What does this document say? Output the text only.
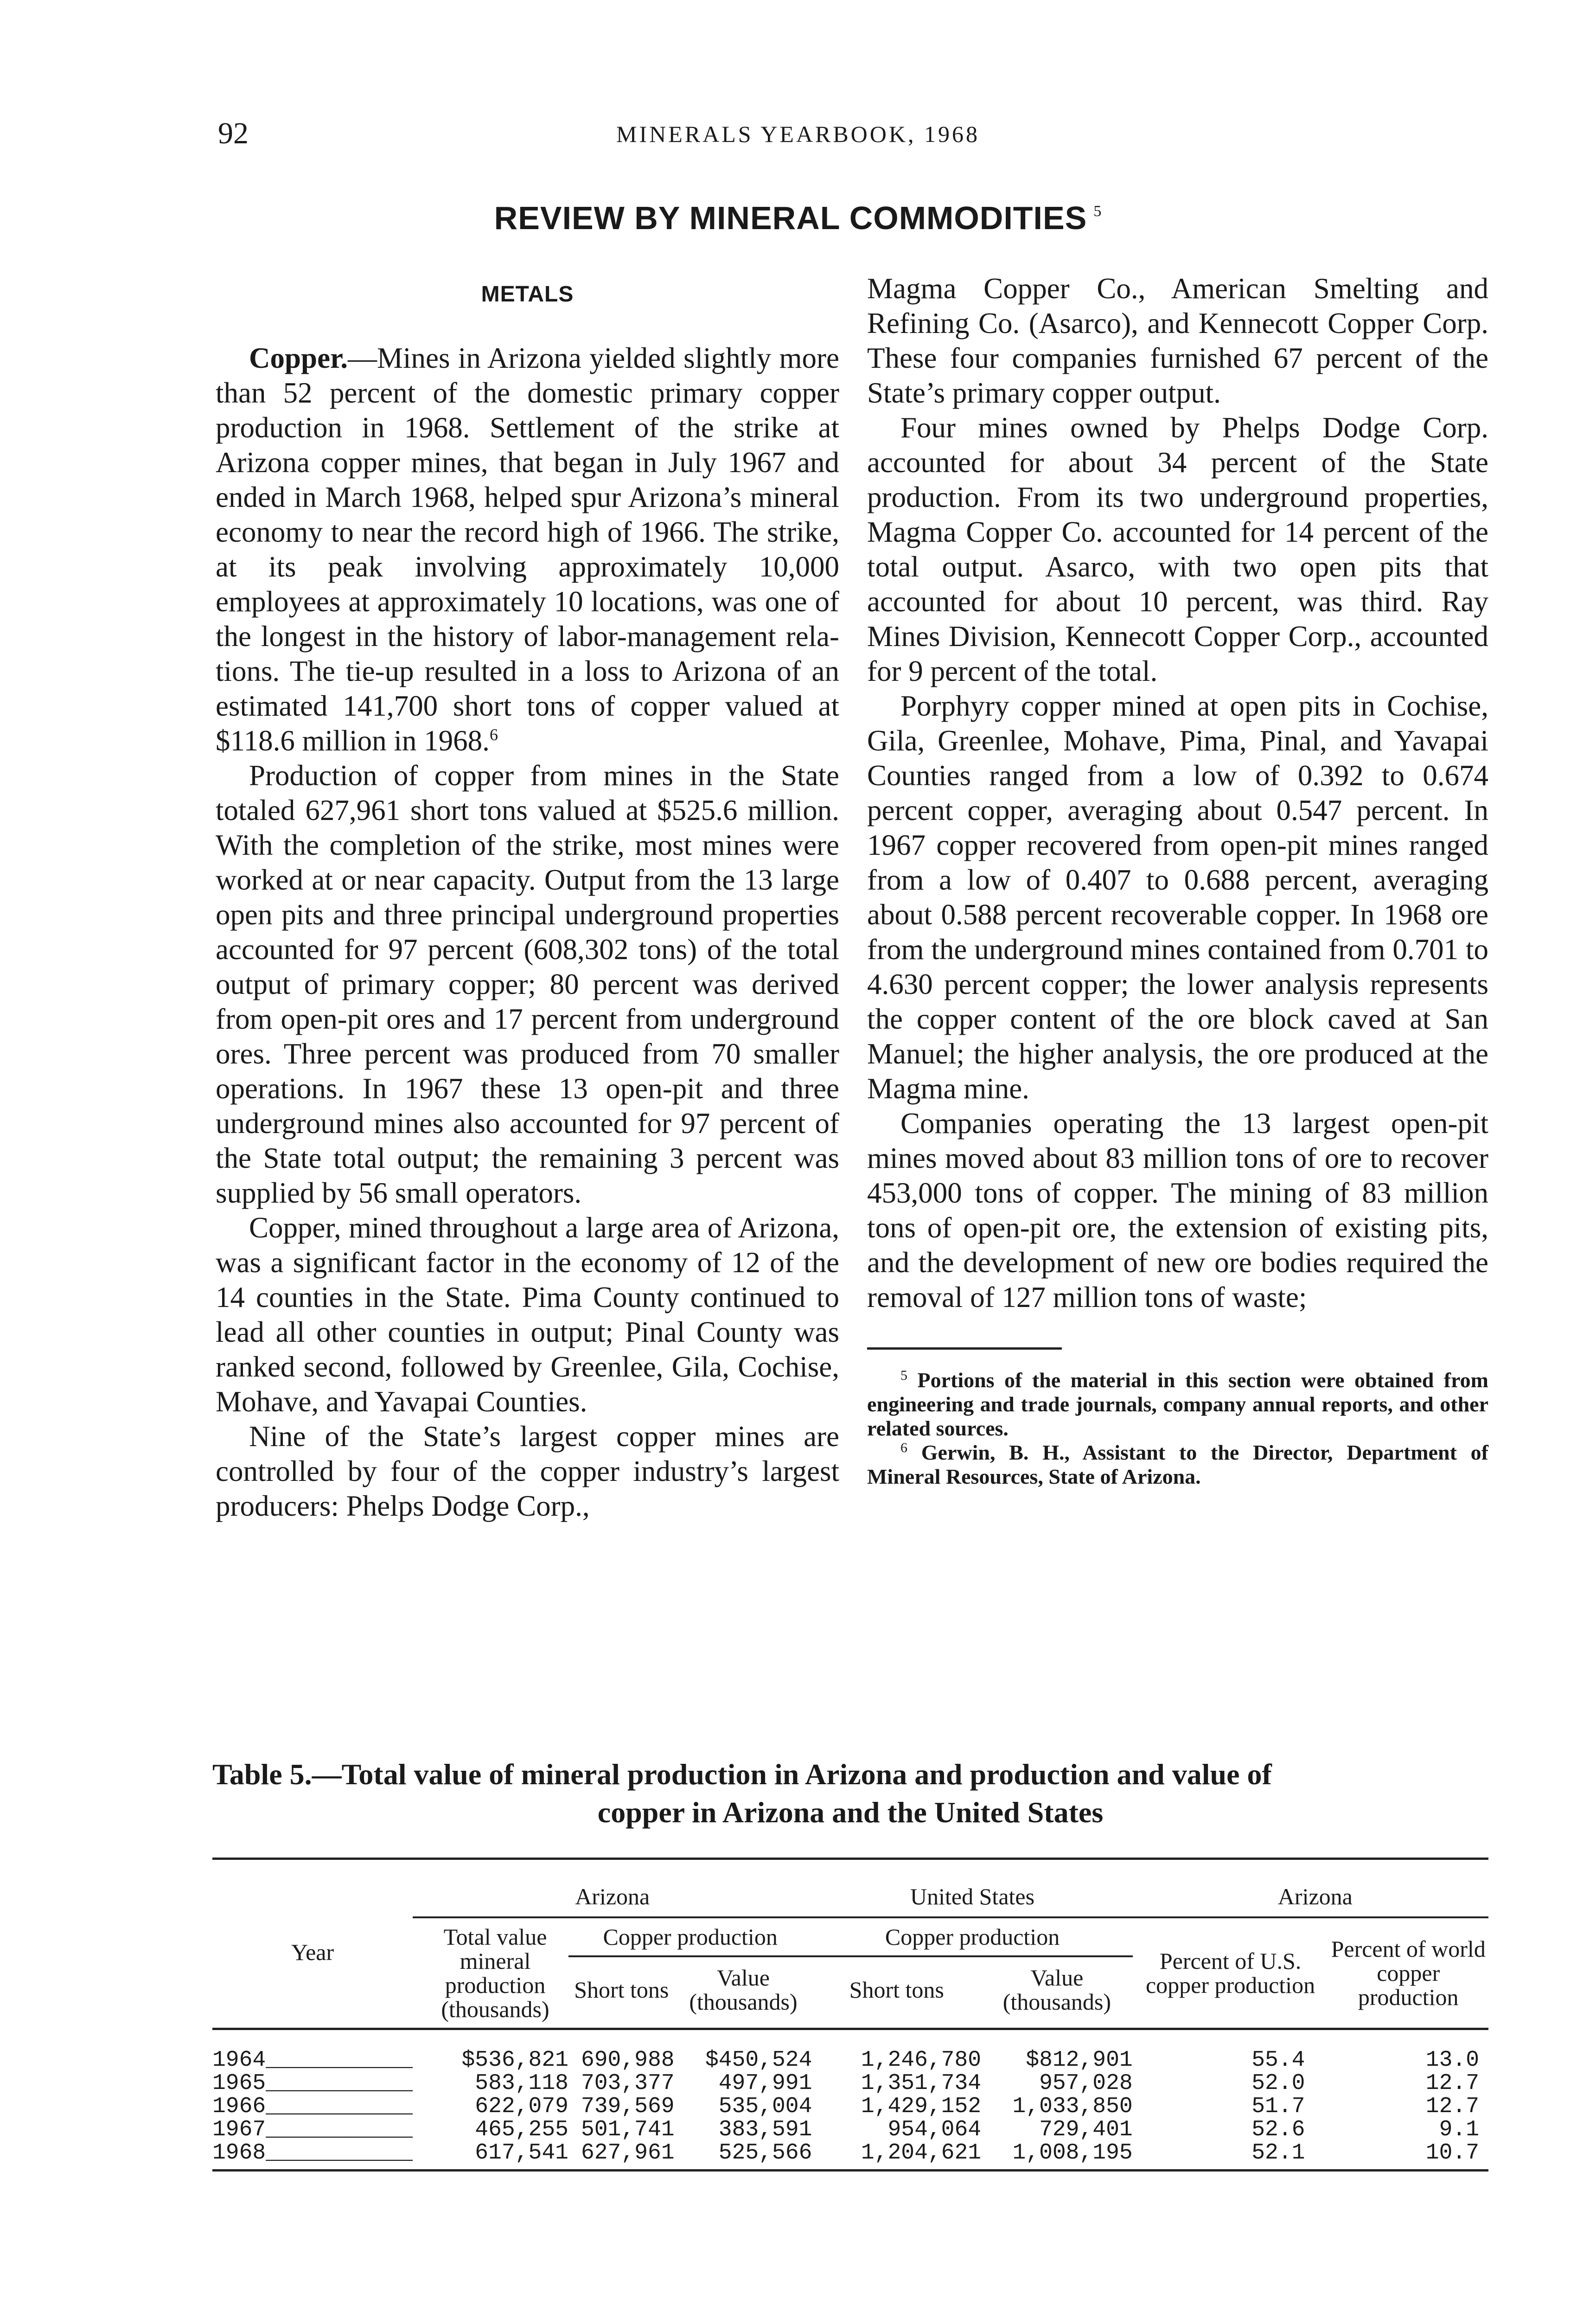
92	MINERALS YEARBOOK, 1968
REVIEW BY MINERAL COMMODITIES $^5$
METALS

Copper.—Mines in Arizona yielded slightly more than 52 percent of the domestic primary copper production in 1968. Settlement of the strike at Arizona copper mines, that began in July 1967 and ended in March 1968, helped spur Arizona’s mineral economy to near the record high of 1966. The strike, at its peak involving approximately 10,000 employees at approximately 10 locations, was one of the longest in the history of labor-management relations. The tie-up resulted in a loss to Arizona of an estimated 141,700 short tons of copper valued at $118.6 million in 1968.$^6$

Production of copper from mines in the State totaled 627,961 short tons valued at $525.6 million. With the completion of the strike, most mines were worked at or near capacity. Output from the 13 large open pits and three principal underground properties accounted for 97 percent (608,302 tons) of the total output of primary copper; 80 percent was derived from open-pit ores and 17 percent from underground ores. Three percent was produced from 70 smaller operations. In 1967 these 13 open-pit and three underground mines also accounted for 97 percent of the State total output; the remaining 3 percent was supplied by 56 small operators.

Copper, mined throughout a large area of Arizona, was a significant factor in the economy of 12 of the 14 counties in the State. Pima County continued to lead all other counties in output; Pinal County was ranked second, followed by Greenlee, Gila, Cochise, Mohave, and Yavapai Counties.

Nine of the State’s largest copper mines are controlled by four of the copper industry’s largest producers: Phelps Dodge Corp.,

Magma Copper Co., American Smelting and Refining Co. (Asarco), and Kennecott Copper Corp. These four companies furnished 67 percent of the State’s primary copper output.

Four mines owned by Phelps Dodge Corp. accounted for about 34 percent of the State production. From its two underground properties, Magma Copper Co. accounted for 14 percent of the total output. Asarco, with two open pits that accounted for about 10 percent, was third. Ray Mines Division, Kennecott Copper Corp., accounted for 9 percent of the total.

Porphyry copper mined at open pits in Cochise, Gila, Greenlee, Mohave, Pima, Pinal, and Yavapai Counties ranged from a low of 0.392 to 0.674 percent copper, averaging about 0.547 percent. In 1967 copper recovered from open-pit mines ranged from a low of 0.407 to 0.688 percent, averaging about 0.588 percent recoverable copper. In 1968 ore from the underground mines contained from 0.701 to 4.630 percent copper; the lower analysis represents the copper content of the ore block caved at San Manuel; the higher analysis, the ore produced at the Magma mine.

Companies operating the 13 largest open-pit mines moved about 83 million tons of ore to recover 453,000 tons of copper. The mining of 83 million tons of open-pit ore, the extension of existing pits, and the development of new ore bodies required the removal of 127 million tons of waste;

$^5$ Portions of the material in this section were obtained from engineering and trade journals, company annual reports, and other related sources.

$^6$ Gerwin, B. H., Assistant to the Director, Department of Mineral Resources, State of Arizona.

Table 5.—Total value of mineral production in Arizona and production and value of
copper in Arizona and the United States
Year	Arizona			United States		Arizona	
	Total value mineral production (thousands)	Copper production		Copper production		Percent of U.S. copper production	Percent of world copper production
		Short tons	Value (thousands)	Short tons	Value (thousands)		
1964___________	$536,821	690,988	$450,524	1,246,780	$812,901	55.4	13.0
1965___________	583,118	703,377	497,991	1,351,734	957,028	52.0	12.7
1966___________	622,079	739,569	535,004	1,429,152	1,033,850	51.7	12.7
1967___________	465,255	501,741	383,591	954,064	729,401	52.6	9.1
1968___________	617,541	627,961	525,566	1,204,621	1,008,195	52.1	10.7
